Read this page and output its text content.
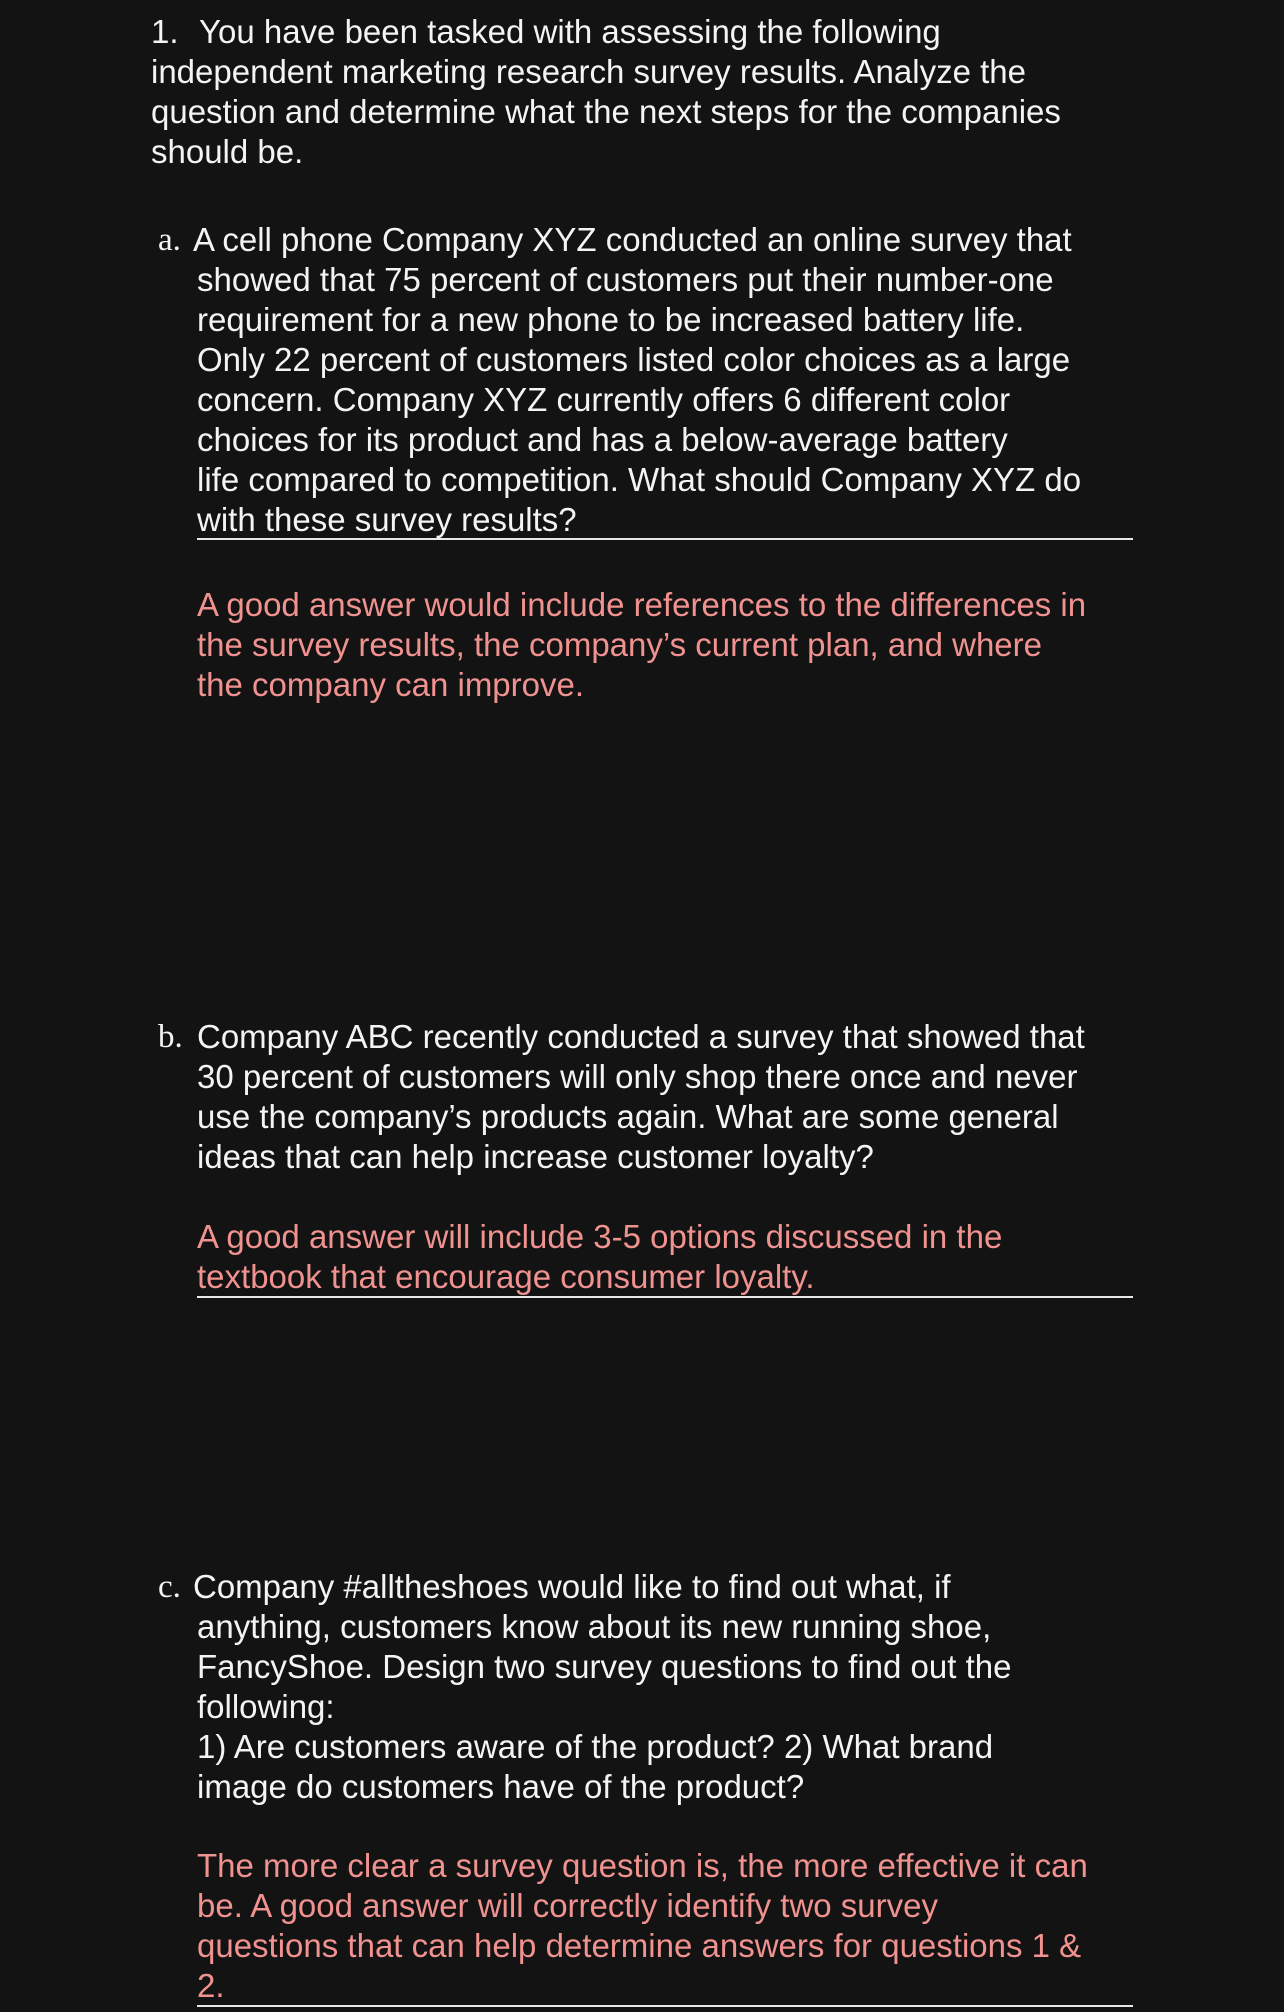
1. You have been tasked with assessing the following
independent marketing research survey results. Analyze the
question and determine what the next steps for the companies
should be.
a. A cell phone Company XYZ conducted an online survey that
showed that 75 percent of customers put their number-one
requirement for a new phone to be increased battery life.
Only 22 percent of customers listed color choices as a large
concern. Company XYZ currently offers 6 different color
choices for its product and has a below-average battery
life compared to competition. What should Company XYZ do
with these survey results?
A good answer would include references to the differences in
the survey results, the company’s current plan, and where
the company can improve.
b. Company ABC recently conducted a survey that showed that
30 percent of customers will only shop there once and never
use the company’s products again. What are some general
ideas that can help increase customer loyalty?
A good answer will include 3-5 options discussed in the
textbook that encourage consumer loyalty.
c. Company #alltheshoes would like to find out what, if
anything, customers know about its new running shoe,
FancyShoe. Design two survey questions to find out the
following:
1) Are customers aware of the product? 2) What brand
image do customers have of the product?
The more clear a survey question is, the more effective it can
be. A good answer will correctly identify two survey
questions that can help determine answers for questions 1 &
2.
